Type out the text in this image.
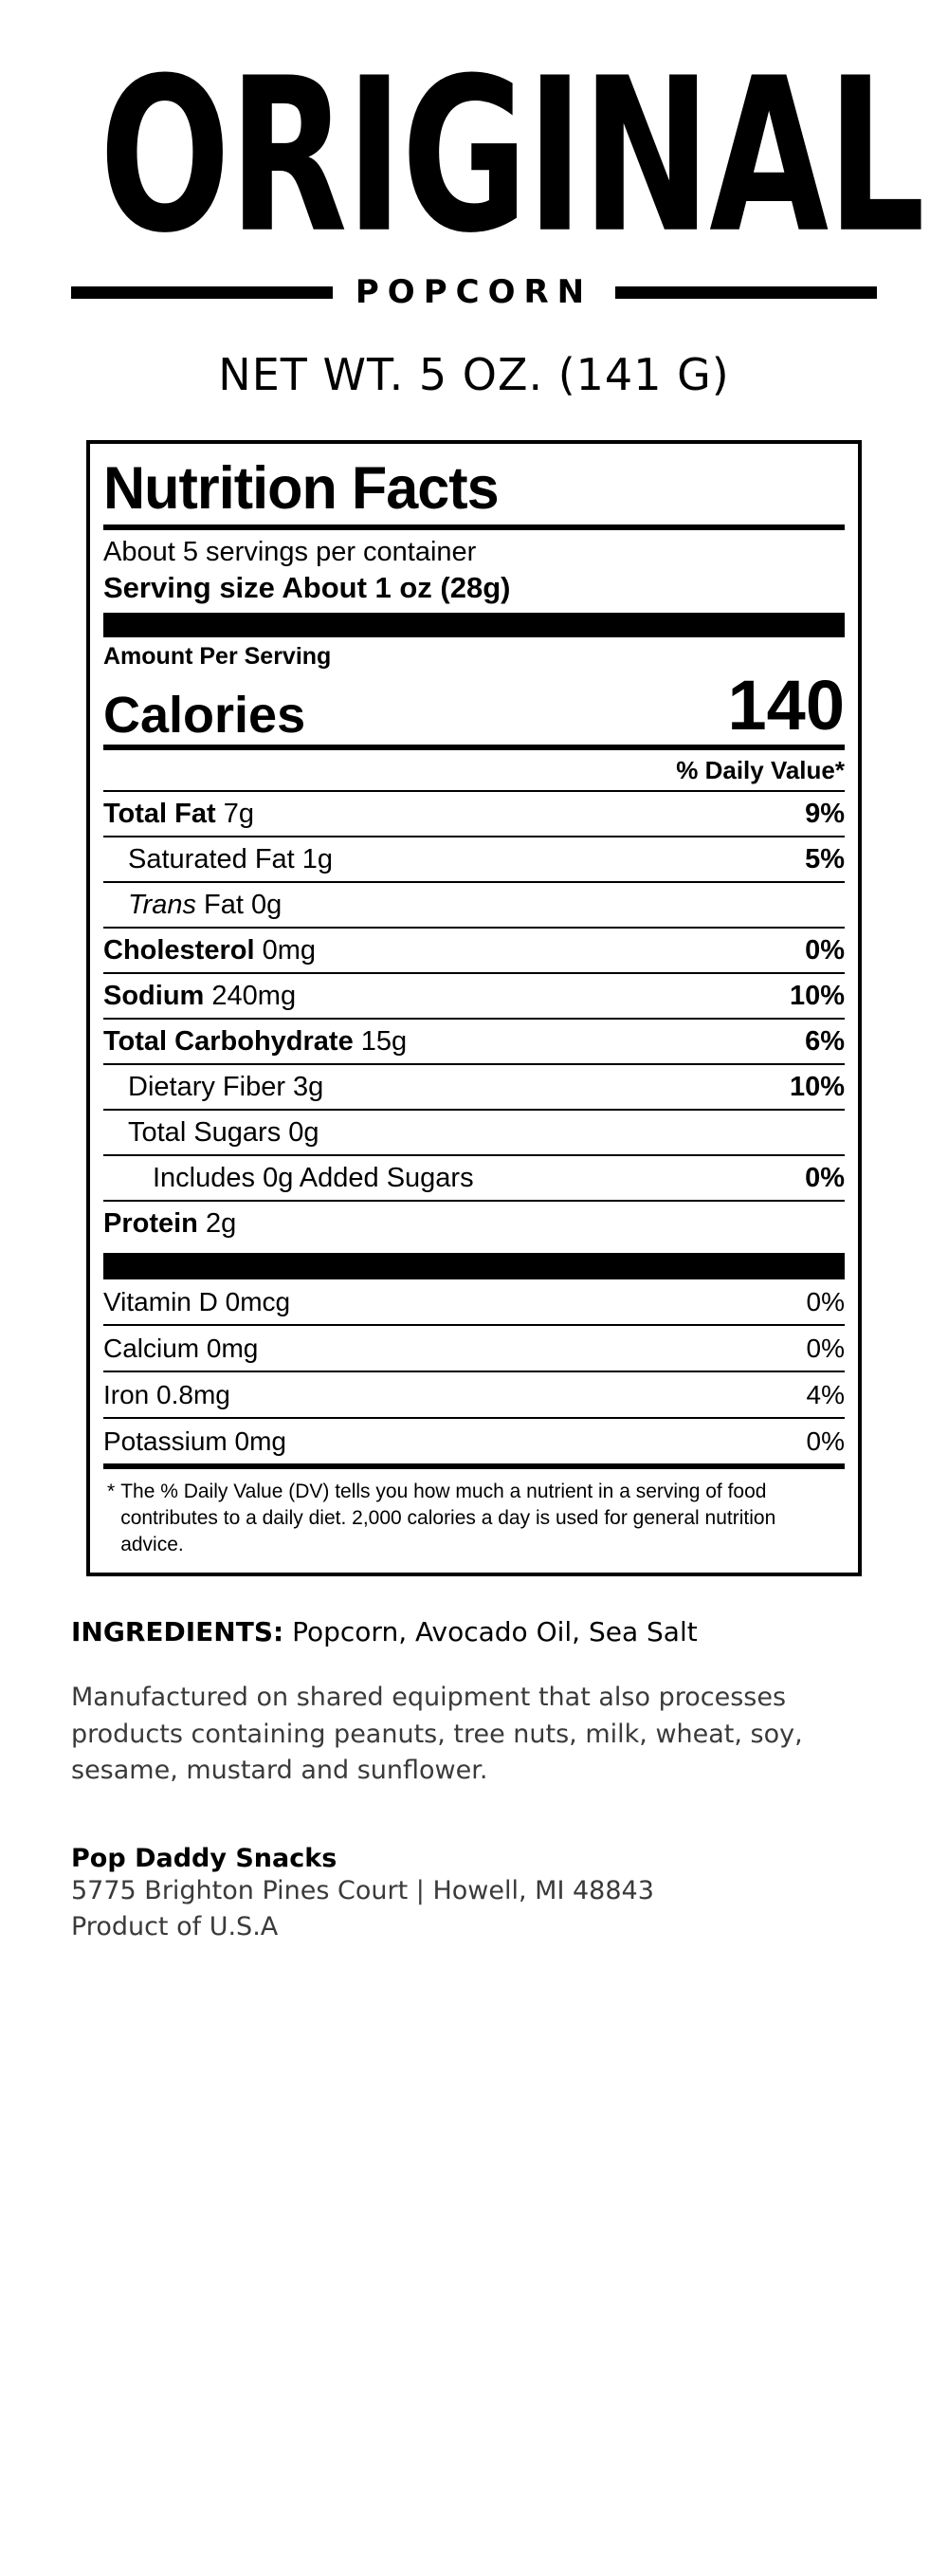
ORIGINAL
POPCORN
NET WT. 5 OZ. (141 G)
Nutrition Facts
About 5 servings per container
Serving size About 1 oz (28g)
Amount Per Serving
Calories	140
% Daily Value*
Total Fat 7g	9%
Saturated Fat 1g	5%
Trans Fat 0g
Cholesterol 0mg	0%
Sodium 240mg	10%
Total Carbohydrate 15g	6%
Dietary Fiber 3g	10%
Total Sugars 0g
Includes 0g Added Sugars	0%
Protein 2g
Vitamin D 0mcg	0%
Calcium 0mg	0%
Iron 0.8mg	4%
Potassium 0mg	0%
* The % Daily Value (DV) tells you how much a nutrient in a serving of food contributes to a daily diet. 2,000 calories a day is used for general nutrition advice.
INGREDIENTS: Popcorn, Avocado Oil, Sea Salt
Manufactured on shared equipment that also processes products containing peanuts, tree nuts, milk, wheat, soy, sesame, mustard and sunflower.
Pop Daddy Snacks
5775 Brighton Pines Court | Howell, MI 48843
Product of U.S.A
